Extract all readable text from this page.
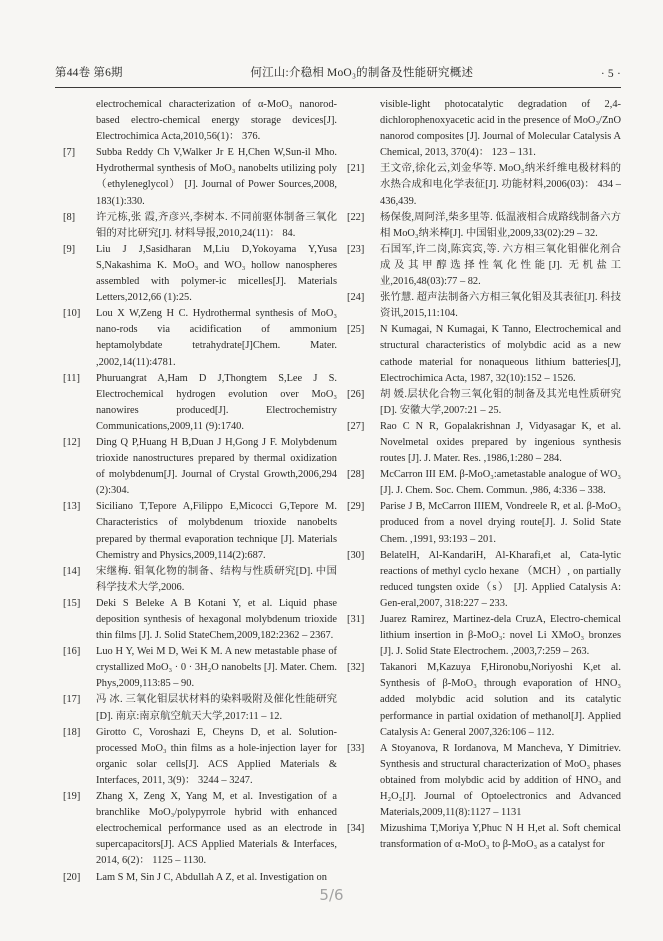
第44卷 第6期	何江山:介稳相 MoO₃的制备及性能研究概述	· 5 ·
electrochemical characterization of α-MoO₃ nanorod-based electro-chemical energy storage devices[J]. Electrochimica Acta,2010,56(1)： 376.
[7]	Subba Reddy Ch V,Walker Jr E H,Chen W,Sun-il Mho. Hydrothermal synthesis of MoO₃ nanobelts utilizing poly （ethyleneglycol） [J]. Journal of Power Sources,2008, 183(1):330.
[8]	许元栋,张 霞,齐彦兴,李树本. 不同前驱体制备三氧化钼的对比研究[J]. 材料导报,2010,24(11)： 84.
[9]	Liu J J,Sasidharan M,Liu D,Yokoyama Y,Yusa S,Nakashima K. MoO₃ and WO₃ hollow nanospheres assembled with polymer-ic micelles[J]. Materials Letters,2012,66 (1):25.
[10]	Lou X W,Zeng H C. Hydrothermal synthesis of MoO₃ nano-rods via acidification of ammonium heptamolybdate tetrahydrate[J]Chem. Mater. ,2002,14(11):4781.
[11]	Phuruangrat A,Ham D J,Thongtem S,Lee J S. Electrochemical hydrogen evolution over MoO₃ nanowires produced[J]. Electrochemistry Communications,2009,11 (9):1740.
[12]	Ding Q P,Huang H B,Duan J H,Gong J F. Molybdenum trioxide nanostructures prepared by thermal oxidization of molybdenum[J]. Journal of Crystal Growth,2006,294 (2):304.
[13]	Siciliano T,Tepore A,Filippo E,Micocci G,Tepore M. Characteristics of molybdenum trioxide nanobelts prepared by thermal evaporation technique [J]. Materials Chemistry and Physics,2009,114(2):687.
[14]	宋继梅. 钼氧化物的制备、结构与性质研究[D]. 中国科学技术大学,2006.
[15]	Deki S Beleke A B Kotani Y, et al. Liquid phase deposition synthesis of hexagonal molybdenum trioxide thin films [J]. J. Solid StateChem,2009,182:2362 – 2367.
[16]	Luo H Y, Wei M D, Wei K M. A new metastable phase of crystallized MoO₃ · 0 · 3H₂O nanobelts [J]. Mater. Chem. Phys,2009,113:85 – 90.
[17]	冯 冰. 三氧化钼层状材料的染料吸附及催化性能研究[D]. 南京:南京航空航天大学,2017:11 – 12.
[18]	Girotto C, Voroshazi E, Cheyns D, et al. Solution-processed MoO₃ thin films as a hole-injection layer for organic solar cells[J]. ACS Applied Materials & Interfaces, 2011, 3(9)： 3244 – 3247.
[19]	Zhang X, Zeng X, Yang M, et al. Investigation of a branchlike MoO₃/polypyrrole hybrid with enhanced electrochemical performance used as an electrode in supercapacitors[J]. ACS Applied Materials & Interfaces, 2014, 6(2)： 1125 – 1130.
[20]	Lam S M, Sin J C, Abdullah A Z, et al. Investigation on
visible-light photocatalytic degradation of 2,4-dichlorophenoxyacetic acid in the presence of MoO₃/ZnO nanorod composites [J]. Journal of Molecular Catalysis A Chemical, 2013, 370(4)： 123 – 131.
[21]	王文帝,徐化云,刘金华等. MoO₃纳米纤维电极材料的水热合成和电化学表征[J]. 功能材料,2006(03)： 434 – 436,439.
[22]	杨保俊,周阿洋,柴多里等. 低温液相合成路线制备六方相 MoO₃纳米棒[J]. 中国钼业,2009,33(02):29 – 32.
[23]	石国军,许二岗,陈宾宾,等. 六方相三氧化钼催化剂合成及其甲醇选择性氧化性能[J]. 无机盐工业,2016,48(03):77 – 82.
[24]	张竹慧. 超声法制备六方相三氧化钼及其表征[J]. 科技资讯,2015,11:104.
[25]	N Kumagai, N Kumagai, K Tanno, Electrochemical and structural characteristics of molybdic acid as a new cathode material for nonaqueous lithium batteries[J], Electrochimica Acta, 1987, 32(10):152 – 1526.
[26]	胡 媛.层状化合物三氧化钼的制备及其光电性质研究[D]. 安徽大学,2007:21 – 25.
[27]	Rao C N R, Gopalakrishnan J, Vidyasagar K, et al. Novelmetal oxides prepared by ingenious synthesis routes [J]. J. Mater. Res. ,1986,1:280 – 284.
[28]	McCarron III EM. β-MoO₃:ametastable analogue of WO₃ [J]. J. Chem. Soc. Chem. Commun. ,986, 4:336 – 338.
[29]	Parise J B, McCarron IIIEM, Vondreele R, et al. β-MoO₃ produced from a novel drying route[J]. J. Solid State Chem. ,1991, 93:193 – 201.
[30]	BelatelH, Al-KandariH, Al-Kharafi,et al, Cata-lytic reactions of methyl cyclo hexane （MCH）, on partially reduced tungsten oxide（s） [J]. Applied Catalysis A: Gen-eral,2007, 318:227 – 233.
[31]	Juarez Ramirez, Martinez-dela CruzA, Electro-chemical lithium insertion in β-MoO₃: novel Li XMoO₃ bronzes [J]. J. Solid State Electrochem. ,2003,7:259 – 263.
[32]	Takanori M,Kazuya F,Hironobu,Noriyoshi K,et al. Synthesis of β-MoO₃ through evaporation of HNO₃ added molybdic acid solution and its catalytic performance in partial oxidation of methanol[J]. Applied Catalysis A: General 2007,326:106 – 112.
[33]	A Stoyanova, R Iordanova, M Mancheva, Y Dimitriev. Synthesis and structural characterization of MoO₃ phases obtained from molybdic acid by addition of HNO₃ and H₂O₂[J]. Journal of Optoelectronics and Advanced Materials,2009,11(8):1127 – 1131
[34]	Mizushima T,Moriya Y,Phuc N H H,et al. Soft chemical transformation of α-MoO₃ to β-MoO₃ as a catalyst for
5/6
